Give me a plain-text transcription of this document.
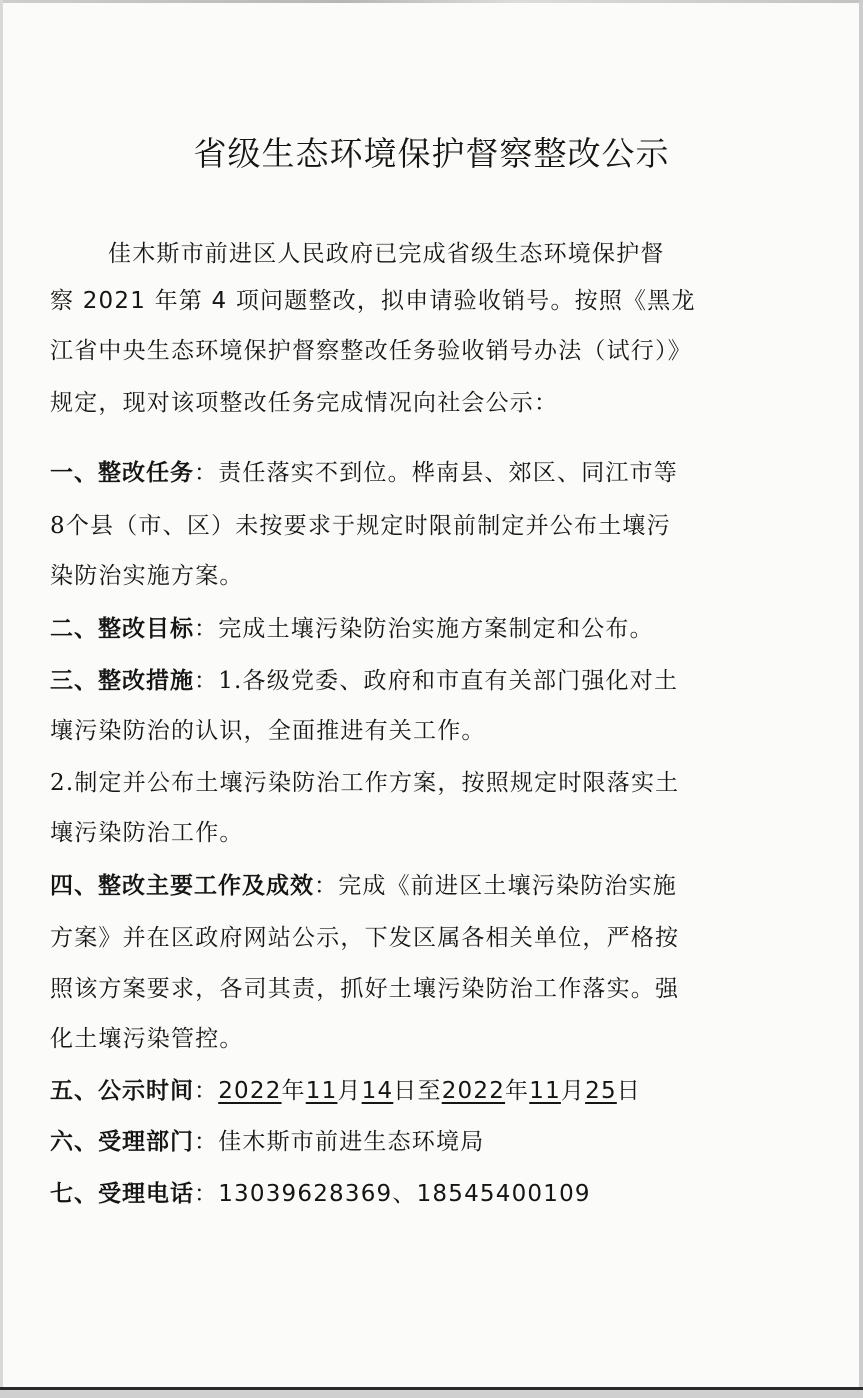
省级生态环境保护督察整改公示
佳木斯市前进区人民政府已完成省级生态环境保护督
察 2021 年第 4 项问题整改，拟申请验收销号。按照《黑龙
江省中央生态环境保护督察整改任务验收销号办法（试行）》
规定，现对该项整改任务完成情况向社会公示：
一、整改任务：责任落实不到位。桦南县、郊区、同江市等
8个县（市、区）未按要求于规定时限前制定并公布土壤污
染防治实施方案。
二、整改目标：完成土壤污染防治实施方案制定和公布。
三、整改措施：1.各级党委、政府和市直有关部门强化对土
壤污染防治的认识，全面推进有关工作。
2.制定并公布土壤污染防治工作方案，按照规定时限落实土
壤污染防治工作。
四、整改主要工作及成效：完成《前进区土壤污染防治实施
方案》并在区政府网站公示，下发区属各相关单位，严格按
照该方案要求，各司其责，抓好土壤污染防治工作落实。强
化土壤污染管控。
五、公示时间：2022年11月14日至2022年11月25日
六、受理部门：佳木斯市前进生态环境局
七、受理电话：13039628369、18545400109
